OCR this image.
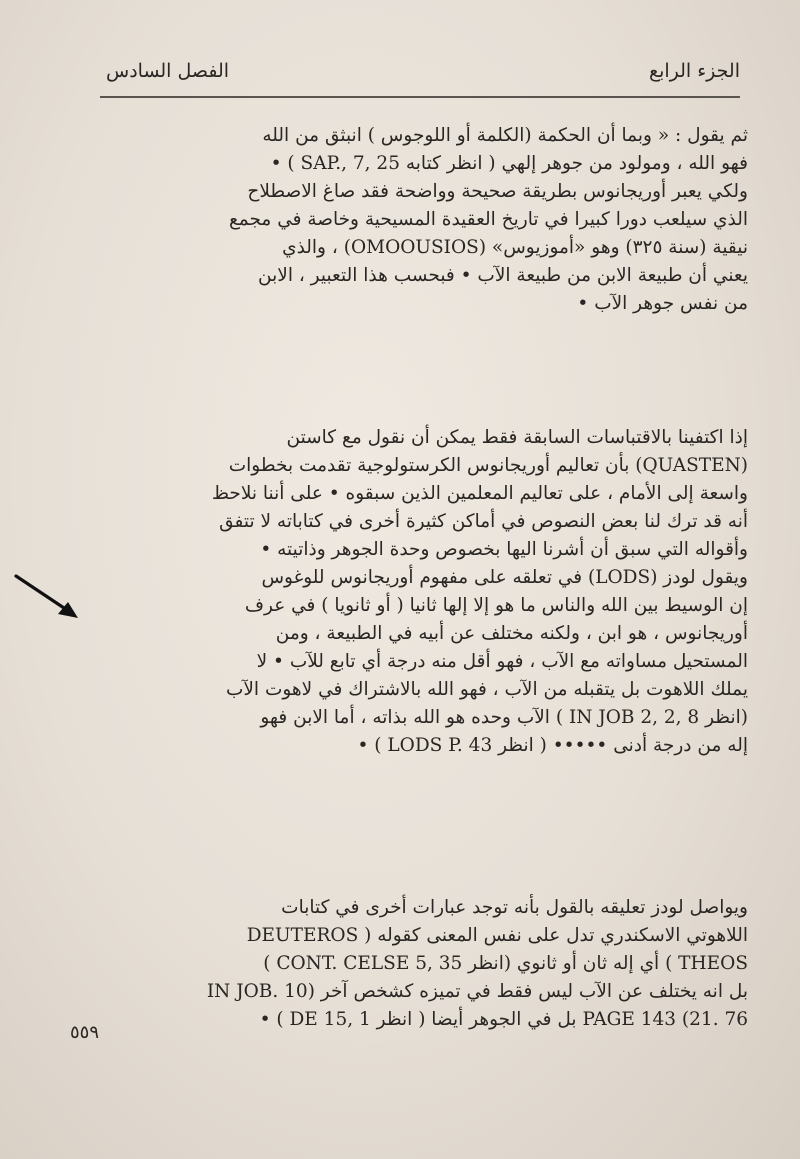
الجزء الرابع
الفصل السادس
ثم يقول : « وبما أن الحكمة (الكلمة أو اللوجوس ) انبثق من الله
فهو الله ، ومولود من جوهر إلهي ( انظر كتابه SAP., 7, 25 ) •
ولكي يعبر أوريجانوس بطريقة صحيحة وواضحة فقد صاغ الاصطلاح
الذي سيلعب دورا كبيرا في تاريخ العقيدة المسيحية وخاصة في مجمع
نيقية (سنة ٣٢٥) وهو «أموزيوس» (OMOOUSIOS) ، والذي
يعني أن طبيعة الابن من طبيعة الآب • فبحسب هذا التعبير ، الابن
من نفس جوهر الآب •
إذا اكتفينا بالاقتباسات السابقة فقط يمكن أن نقول مع كاستن
(QUASTEN) بأن تعاليم أوريجانوس الكرستولوجية تقدمت بخطوات
واسعة إلى الأمام ، على تعاليم المعلمين الذين سبقوه • على أننا نلاحظ
أنه قد ترك لنا بعض النصوص في أماكن كثيرة أخرى في كتاباته لا تتفق
وأقواله التي سبق أن أشرنا اليها بخصوص وحدة الجوهر وذاتيته •
ويقول لودز (LODS) في تعلقه على مفهوم أوريجانوس للوغوس
إن الوسيط بين الله والناس ما هو إلا إلها ثانيا ( أو ثانويا ) في عرف
أوريجانوس ، هو ابن ، ولكنه مختلف عن أبيه في الطبيعة ، ومن
المستحيل مساواته مع الآب ، فهو أقل منه درجة أي تابع للآب • لا
يملك اللاهوت بل يتقبله من الآب ، فهو الله بالاشتراك في لاهوت الآب
(انظر IN JOB 2, 2, 8 ) الآب وحده هو الله بذاته ، أما الابن فهو
إله من درجة أدنى ••••• ( انظر LODS P. 43 ) •
ويواصل لودز تعليقه بالقول بأنه توجد عبارات أخرى في كتابات
اللاهوتي الاسكندري تدل على نفس المعنى كقوله ( DEUTEROS
THEOS ) أي إله ثان أو ثانوي (انظر CONT. CELSE 5, 35 )
بل انه يختلف عن الآب ليس فقط في تميزه كشخص آخر (IN JOB. 10
76 .PAGE 143 (21 بل في الجوهر أيضا ( انظر DE 15, 1 ) •
٥٥٩
